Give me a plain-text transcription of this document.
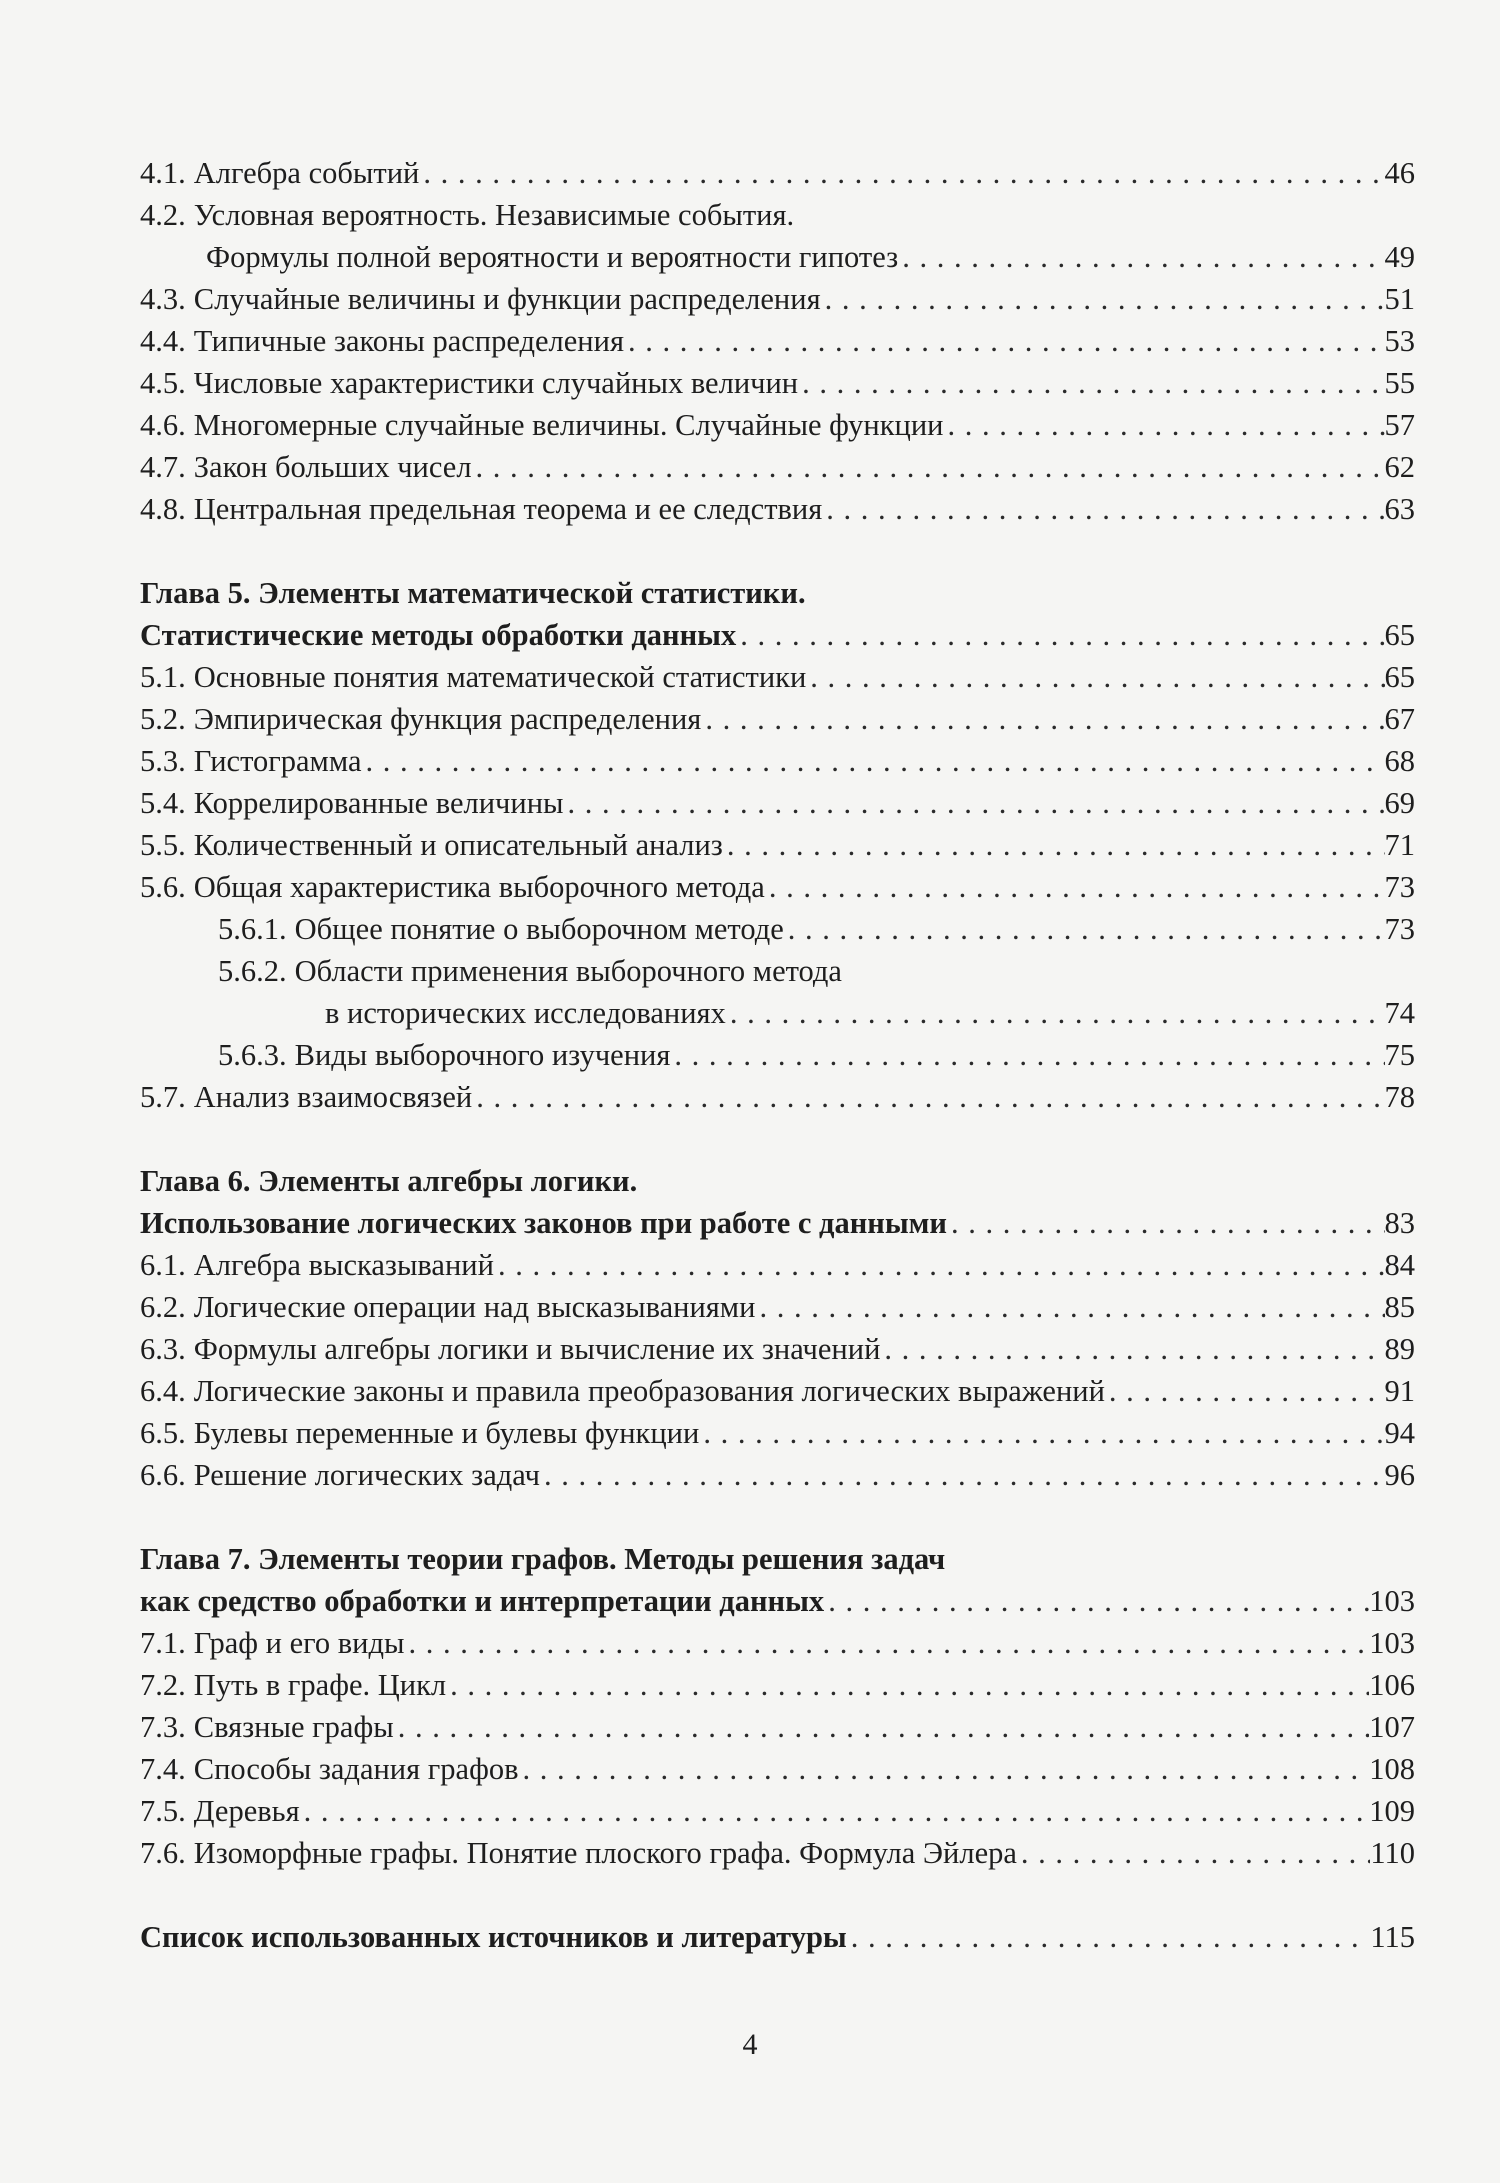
4.1. Алгебра событий . . .	46
4.2. Условная вероятность. Независимые события.
Формулы полной вероятности и вероятности гипотез . . .	49
4.3. Случайные величины и функции распределения . . .	51
4.4. Типичные законы распределения . . .	53
4.5. Числовые характеристики случайных величин . . .	55
4.6. Многомерные случайные величины. Случайные функции . . .	57
4.7. Закон больших чисел . . .	62
4.8. Центральная предельная теорема и ее следствия . . .	63
Глава 5. Элементы математической статистики.
Статистические методы обработки данных . . .	65
5.1. Основные понятия математической статистики . . .	65
5.2. Эмпирическая функция распределения . . .	67
5.3. Гистограмма . . .	68
5.4. Коррелированные величины . . .	69
5.5. Количественный и описательный анализ . . .	71
5.6. Общая характеристика выборочного метода . . .	73
5.6.1. Общее понятие о выборочном методе . . .	73
5.6.2. Области применения выборочного метода
в исторических исследованиях . . .	74
5.6.3. Виды выборочного изучения . . .	75
5.7. Анализ взаимосвязей . . .	78
Глава 6. Элементы алгебры логики.
Использование логических законов при работе с данными . . .	83
6.1. Алгебра высказываний . . .	84
6.2. Логические операции над высказываниями . . .	85
6.3. Формулы алгебры логики и вычисление их значений . . .	89
6.4. Логические законы и правила преобразования логических выражений . . .	91
6.5. Булевы переменные и булевы функции . . .	94
6.6. Решение логических задач . . .	96
Глава 7. Элементы теории графов. Методы решения задач
как средство обработки и интерпретации данных . . .	103
7.1. Граф и его виды . . .	103
7.2. Путь в графе. Цикл . . .	106
7.3. Связные графы . . .	107
7.4. Способы задания графов . . .	108
7.5. Деревья . . .	109
7.6. Изоморфные графы. Понятие плоского графа. Формула Эйлера . . .	110
Список использованных источников и литературы . . .	115
4
